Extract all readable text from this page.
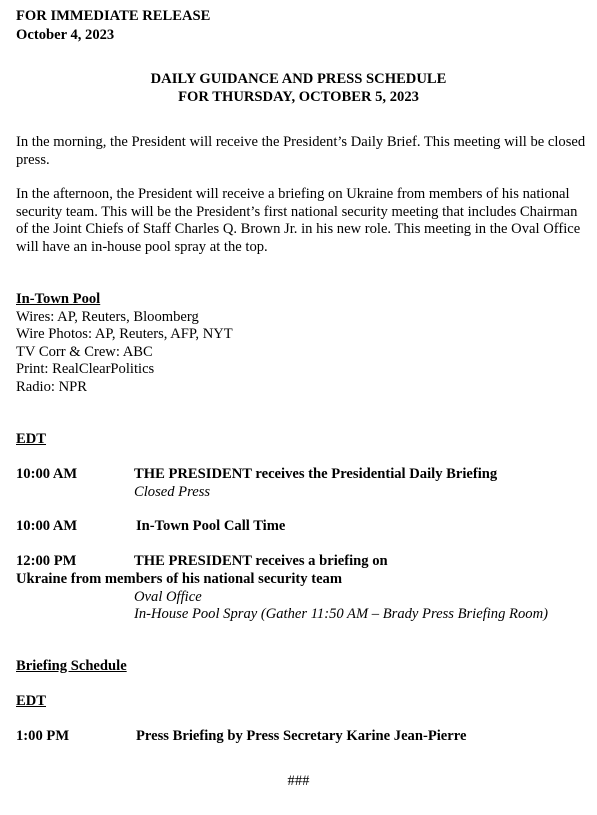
FOR IMMEDIATE RELEASE
October 4, 2023
DAILY GUIDANCE AND PRESS SCHEDULE
FOR THURSDAY, OCTOBER 5, 2023
In the morning, the President will receive the President’s Daily Brief. This meeting will be closed press.
In the afternoon, the President will receive a briefing on Ukraine from members of his national security team. This will be the President’s first national security meeting that includes Chairman of the Joint Chiefs of Staff Charles Q. Brown Jr. in his new role. This meeting in the Oval Office will have an in-house pool spray at the top.
In-Town Pool
Wires: AP, Reuters, Bloomberg
Wire Photos: AP, Reuters, AFP, NYT
TV Corr & Crew: ABC
Print: RealClearPolitics
Radio: NPR
EDT
10:00 AM	THE PRESIDENT receives the Presidential Daily Briefing
Closed Press
10:00 AM	In-Town Pool Call Time
12:00 PM	THE PRESIDENT receives a briefing on
Ukraine from members of his national security team
Oval Office
In-House Pool Spray (Gather 11:50 AM – Brady Press Briefing Room)
Briefing Schedule
EDT
1:00 PM	Press Briefing by Press Secretary Karine Jean-Pierre
###
